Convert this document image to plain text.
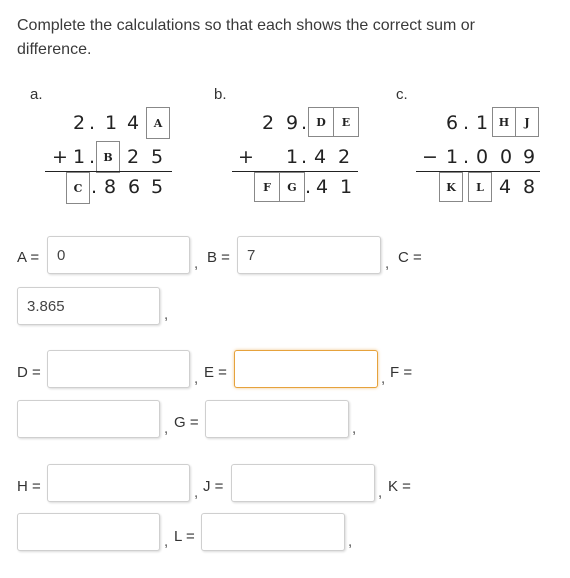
Complete the calculations so that each shows the correct sum or difference.
a.
2 . 1 4	A
+ 1 . B 2 5
C . 8 6 5
b.
2 9 . D	E
+ 1 . 4 2
F	G . 4 1
c.
6 . 1 H	J
− 1 . 0 0 9
K	L 4 8
A =	0	, B =	7	, C =
3.865	,
D =	, E =	, F =
, G =	,
H =	, J =	, K =
, L =	,
